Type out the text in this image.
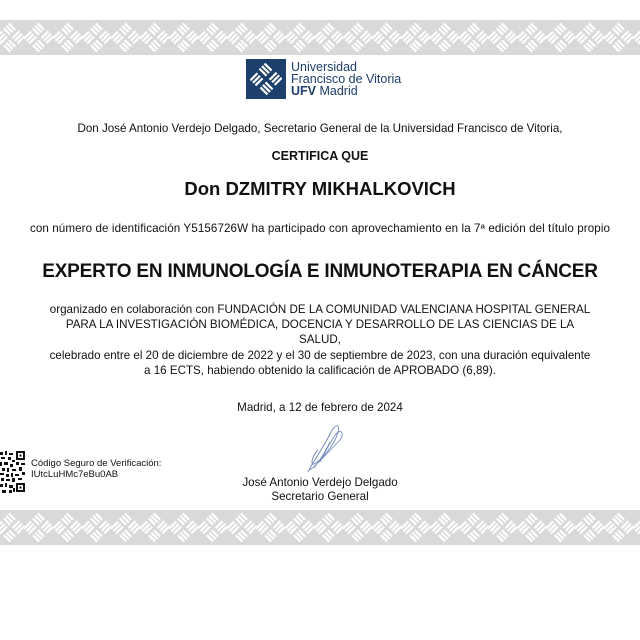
Universidad
Francisco de Vitoria
UFV Madrid
Don José Antonio Verdejo Delgado, Secretario General de la Universidad Francisco de Vitoria,
CERTIFICA QUE
Don DZMITRY MIKHALKOVICH
con número de identificación Y5156726W ha participado con aprovechamiento en la 7ª edición del título propio
EXPERTO EN INMUNOLOGÍA E INMUNOTERAPIA EN CÁNCER
organizado en colaboración con FUNDACIÓN DE LA COMUNIDAD VALENCIANA HOSPITAL GENERAL
PARA LA INVESTIGACIÓN BIOMÉDICA, DOCENCIA Y DESARROLLO DE LAS CIENCIAS DE LA
SALUD,
celebrado entre el 20 de diciembre de 2022 y el 30 de septiembre de 2023, con una duración equivalente
a 16 ECTS, habiendo obtenido la calificación de APROBADO (6,89).
Madrid, a 12 de febrero de 2024
José Antonio Verdejo Delgado
Secretario General
Código Seguro de Verificación:
IUtcLuHMc7eBu0AB
